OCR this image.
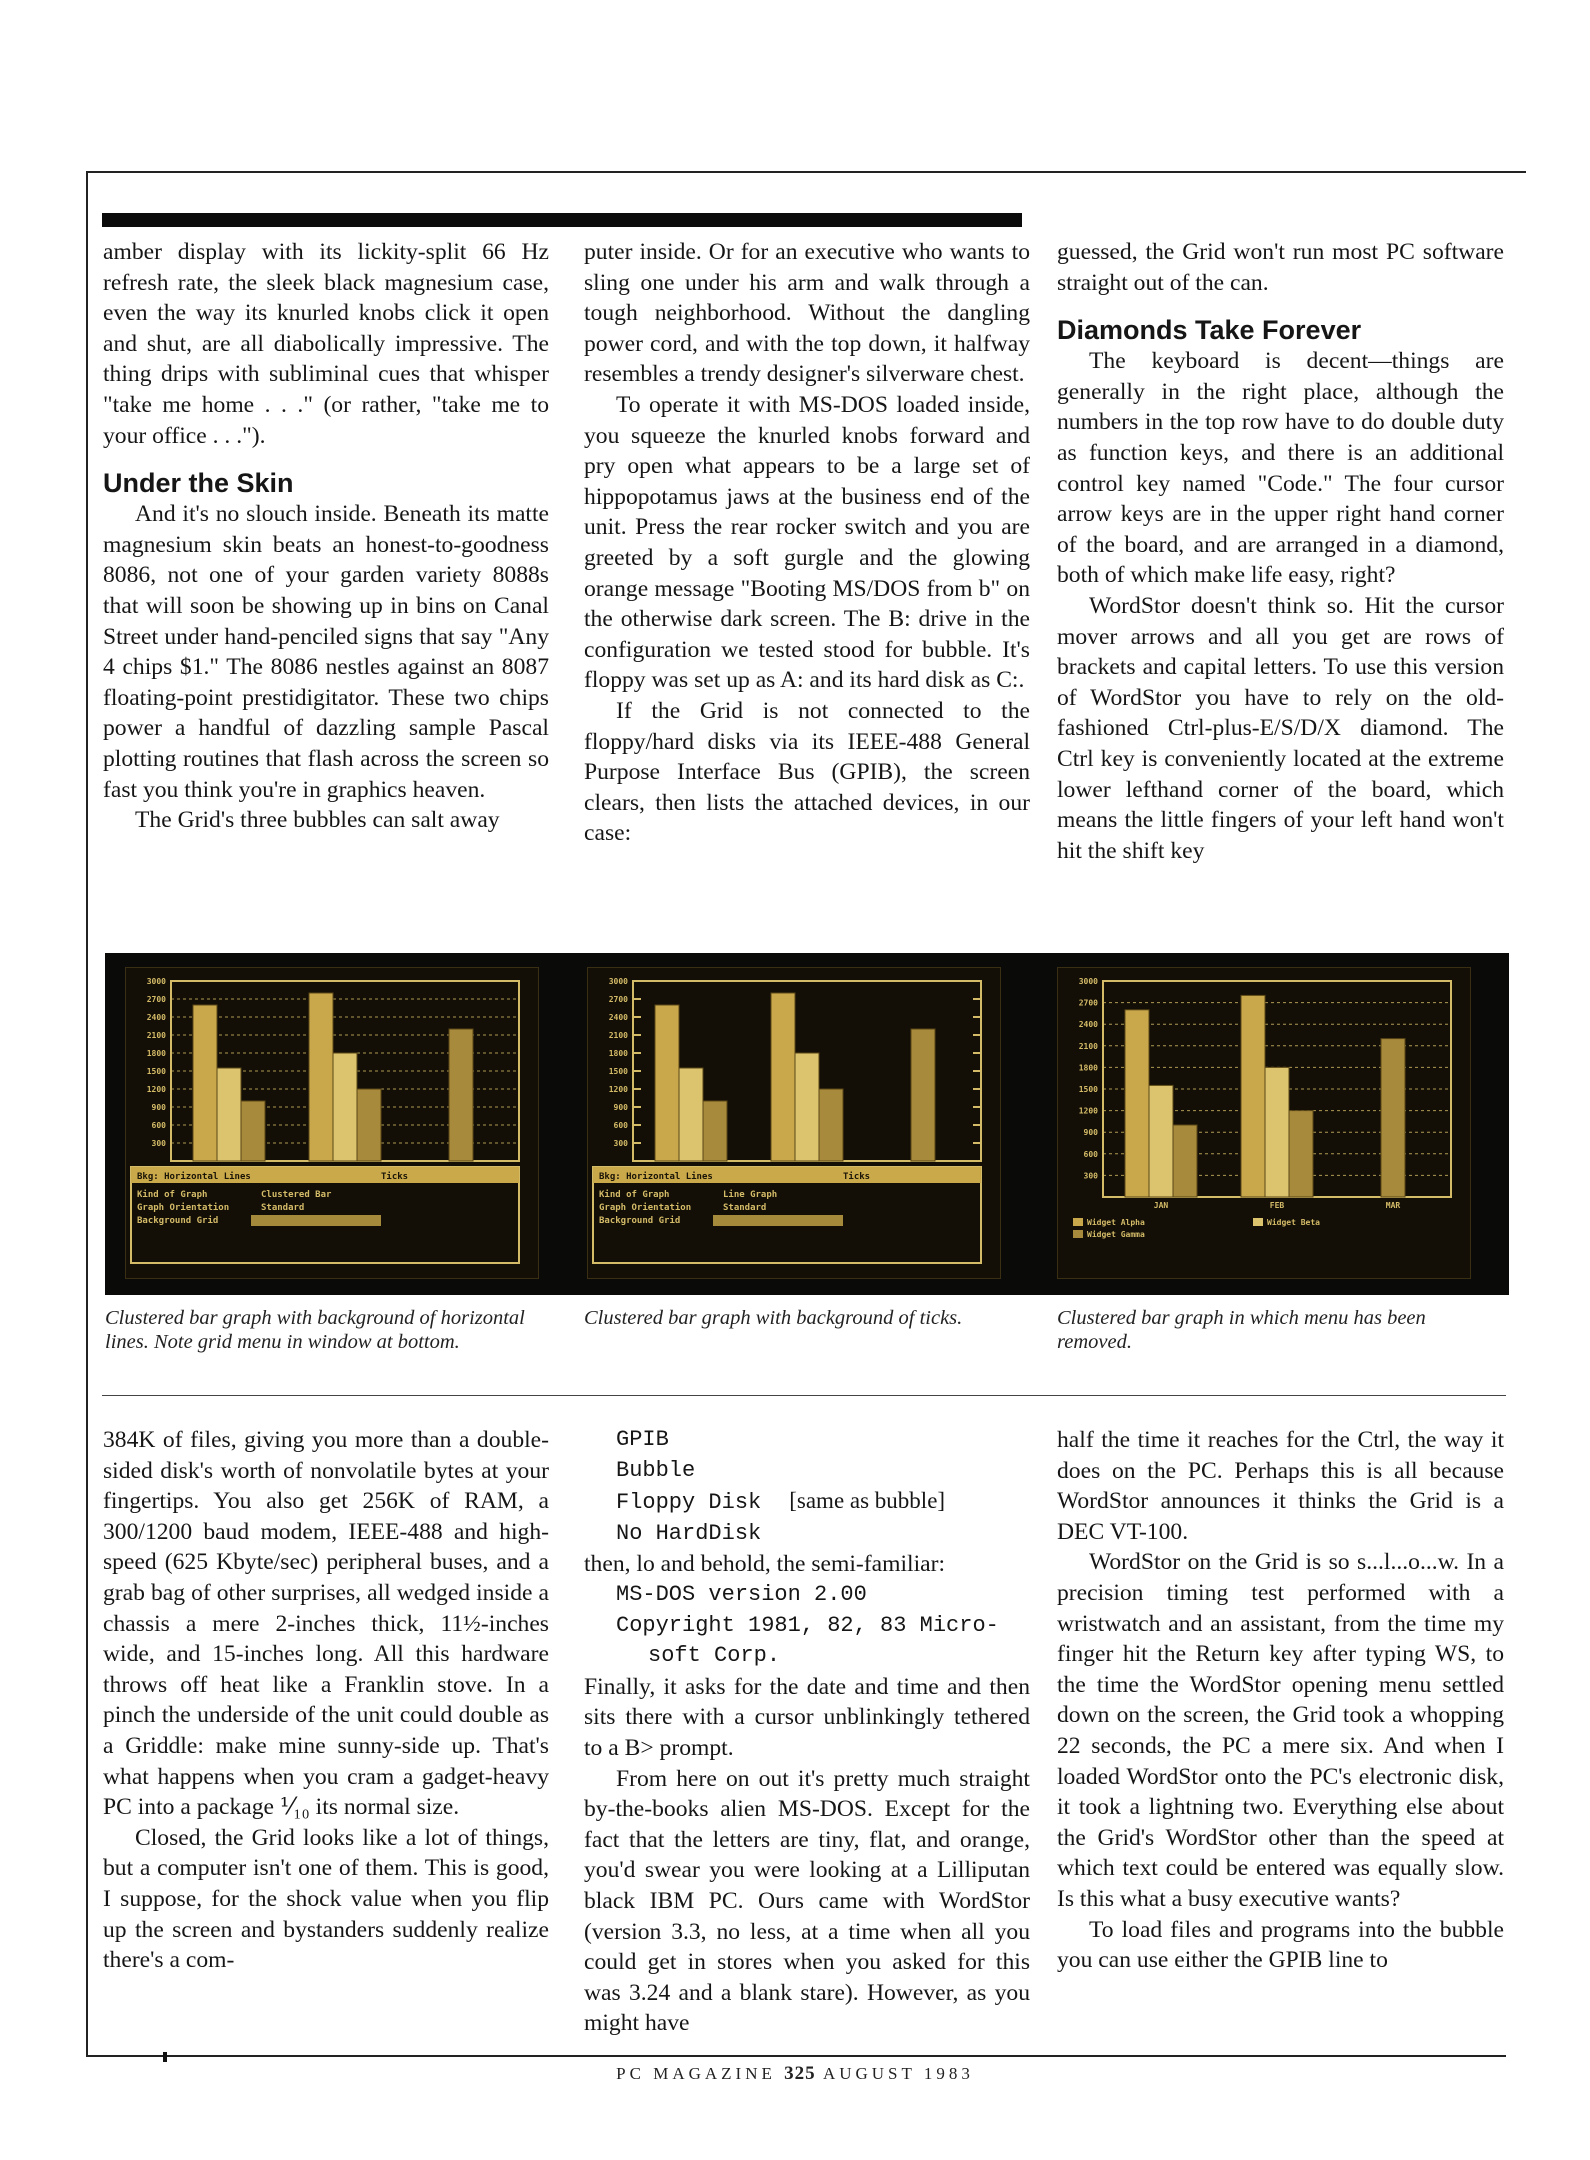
amber display with its lickity-split 66 Hz refresh rate, the sleek black magnesium case, even the way its knurled knobs click it open and shut, are all diabolically impressive. The thing drips with subliminal cues that whisper "take me home . . ." (or rather, "take me to your office . . .").

Under the Skin

And it's no slouch inside. Beneath its matte magnesium skin beats an honest-to-goodness 8086, not one of your garden variety 8088s that will soon be showing up in bins on Canal Street under hand-penciled signs that say "Any 4 chips $1." The 8086 nestles against an 8087 floating-point prestidigitator. These two chips power a handful of dazzling sample Pascal plotting routines that flash across the screen so fast you think you're in graphics heaven.

The Grid's three bubbles can salt away

puter inside. Or for an executive who wants to sling one under his arm and walk through a tough neighborhood. Without the dangling power cord, and with the top down, it halfway resembles a trendy designer's silverware chest.

To operate it with MS-DOS loaded inside, you squeeze the knurled knobs forward and pry open what appears to be a large set of hippopotamus jaws at the business end of the unit. Press the rear rocker switch and you are greeted by a soft gurgle and the glowing orange message "Booting MS/DOS from b" on the otherwise dark screen. The B: drive in the configuration we tested stood for bubble. It's floppy was set up as A: and its hard disk as C:.

If the Grid is not connected to the floppy/hard disks via its IEEE-488 General Purpose Interface Bus (GPIB), the screen clears, then lists the attached devices, in our case:

guessed, the Grid won't run most PC software straight out of the can.

Diamonds Take Forever

The keyboard is decent—things are generally in the right place, although the numbers in the top row have to do double duty as function keys, and there is an additional control key named "Code." The four cursor arrow keys are in the upper right hand corner of the board, and are arranged in a diamond, both of which make life easy, right?

WordStor doesn't think so. Hit the cursor mover arrows and all you get are rows of brackets and capital letters. To use this version of WordStor you have to rely on the old-fashioned Ctrl-plus-E/S/D/X diamond. The Ctrl key is conveniently located at the extreme lower lefthand corner of the board, which means the little fingers of your left hand won't hit the shift key

3000
2700
2400
2100
1800
1500
1200
900
600
300
Bkg: Horizontal Lines	Ticks
Kind of Graph	Clustered Bar
Graph Orientation	Standard
Background Grid
3000
2700
2400
2100
1800
1500
1200
900
600
300
Bkg: Horizontal Lines	Ticks
Kind of Graph	Line Graph
Graph Orientation	Standard
Background Grid
3000
2700
2400
2100
1800
1500
1200
900
600
300
JAN	FEB	MAR
Widget Alpha	Widget Beta
Widget Gamma
Clustered bar graph with background of horizontal lines. Note grid menu in window at bottom.
Clustered bar graph with background of ticks.	Clustered bar graph in which menu has been removed.

384K of files, giving you more than a double-sided disk's worth of nonvolatile bytes at your fingertips. You also get 256K of RAM, a 300/1200 baud modem, IEEE-488 and high-speed (625 Kbyte/sec) peripheral buses, and a grab bag of other surprises, all wedged inside a chassis a mere 2-inches thick, 11½-inches wide, and 15-inches long. All this hardware throws off heat like a Franklin stove. In a pinch the underside of the unit could double as a Griddle: make mine sunny-side up. That's what happens when you cram a gadget-heavy PC into a package ⅟₁₀ its normal size.

Closed, the Grid looks like a lot of things, but a computer isn't one of them. This is good, I suppose, for the shock value when you flip up the screen and bystanders suddenly realize there's a com-

GPIB
Bubble
Floppy Disk [same as bubble]
No HardDisk

then, lo and behold, the semi-familiar:

MS-DOS version 2.00
Copyright 1981, 82, 83 Micro-
soft Corp.

Finally, it asks for the date and time and then sits there with a cursor unblinkingly tethered to a B> prompt.

From here on out it's pretty much straight by-the-books alien MS-DOS. Except for the fact that the letters are tiny, flat, and orange, you'd swear you were looking at a Lilliputan black IBM PC. Ours came with WordStor (version 3.3, no less, at a time when all you could get in stores when you asked for this was 3.24 and a blank stare). However, as you might have

half the time it reaches for the Ctrl, the way it does on the PC. Perhaps this is all because WordStor announces it thinks the Grid is a DEC VT-100.

WordStor on the Grid is so s...l...o...w. In a precision timing test performed with a wristwatch and an assistant, from the time my finger hit the Return key after typing WS, to the time the WordStor opening menu settled down on the screen, the Grid took a whopping 22 seconds, the PC a mere six. And when I loaded WordStor onto the PC's electronic disk, it took a lightning two. Everything else about the Grid's WordStor other than the speed at which text could be entered was equally slow. Is this what a busy executive wants?

To load files and programs into the bubble you can use either the GPIB line to

PC MAGAZINE 325 AUGUST 1983
